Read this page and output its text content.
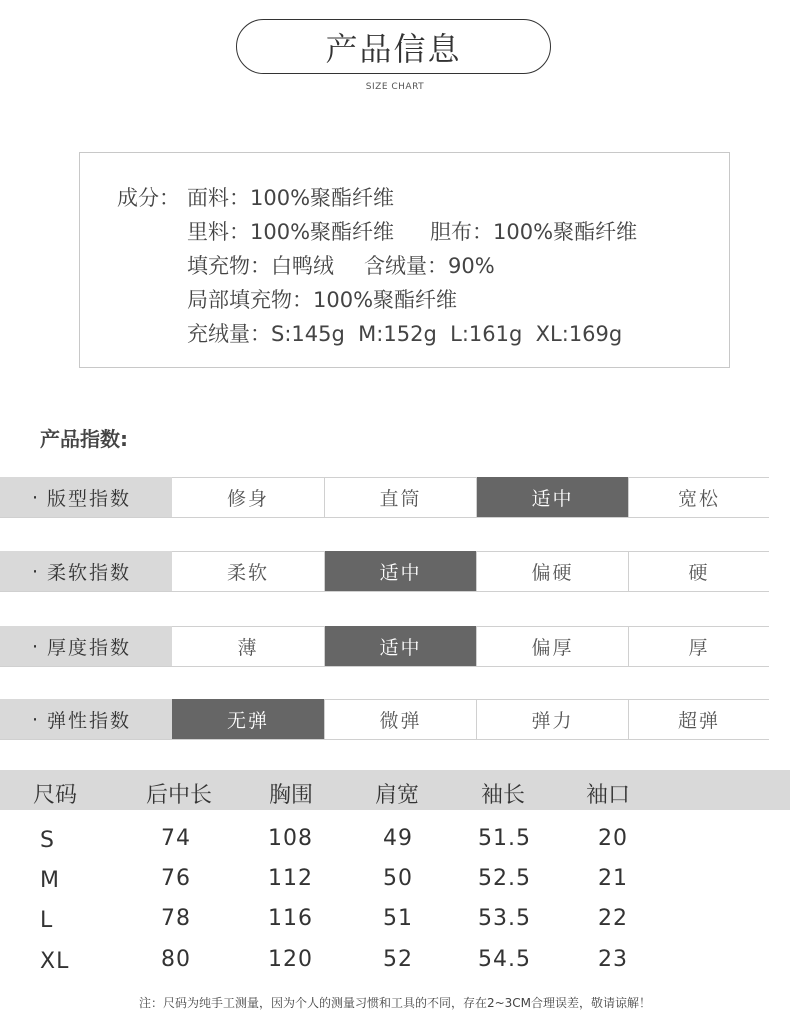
产品信息
SIZE CHART
成分： 面料：100%聚酯纤维
里料：100%聚酯纤维 胆布：100%聚酯纤维
填充物：白鸭绒 含绒量：90%
局部填充物：100%聚酯纤维
充绒量：S:145g  M:152g  L:161g  XL:169g
产品指数:
· 版型指数	修身	直筒	适中	宽松
· 柔软指数	柔软	适中	偏硬	硬
· 厚度指数	薄	适中	偏厚	厚
· 弹性指数	无弹	微弹	弹力	超弹
尺码	后中长	胸围	肩宽	袖长	袖口
S	74	108	49	51.5	20
M	76	112	50	52.5	21
L	78	116	51	53.5	22
XL	80	120	52	54.5	23
注：尺码为纯手工测量，因为个人的测量习惯和工具的不同，存在2~3CM合理误差，敬请谅解！
